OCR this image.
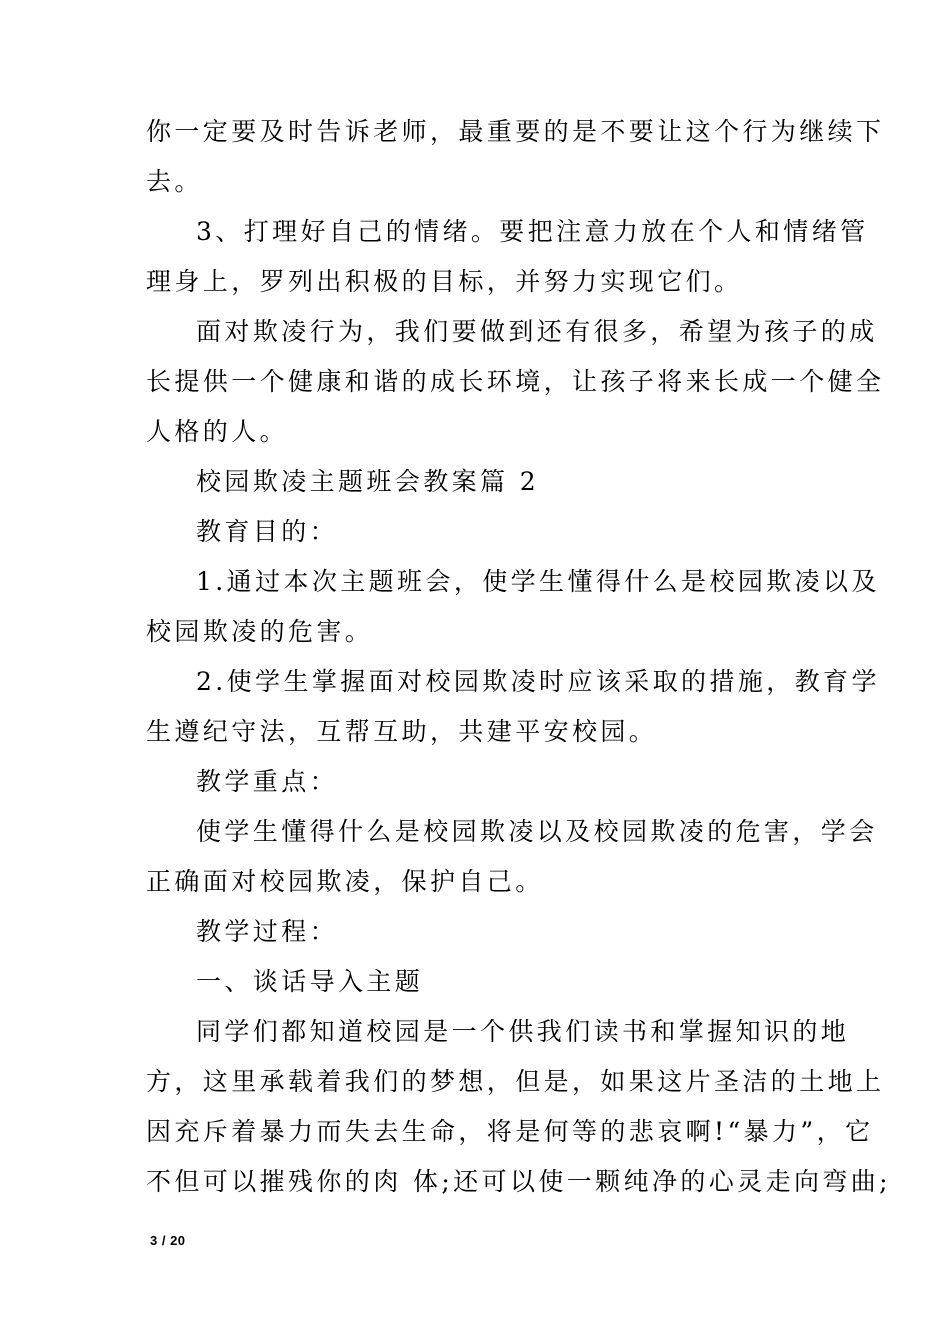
你一定要及时告诉老师，最重要的是不要让这个行为继续下
去。
3、打理好自己的情绪。要把注意力放在个人和情绪管
理身上，罗列出积极的目标，并努力实现它们。
面对欺凌行为，我们要做到还有很多，希望为孩子的成
长提供一个健康和谐的成长环境，让孩子将来长成一个健全
人格的人。
校园欺凌主题班会教案篇 2
教育目的：
1.通过本次主题班会，使学生懂得什么是校园欺凌以及
校园欺凌的危害。
2.使学生掌握面对校园欺凌时应该采取的措施，教育学
生遵纪守法，互帮互助，共建平安校园。
教学重点：
使学生懂得什么是校园欺凌以及校园欺凌的危害，学会
正确面对校园欺凌，保护自己。
教学过程：
一、谈话导入主题
同学们都知道校园是一个供我们读书和掌握知识的地
方，这里承载着我们的梦想，但是，如果这片圣洁的土地上
因充斥着暴力而失去生命，将是何等的悲哀啊!“暴力”，它
不但可以摧残你的肉 体;还可以使一颗纯净的心灵走向弯曲;
3 / 20
